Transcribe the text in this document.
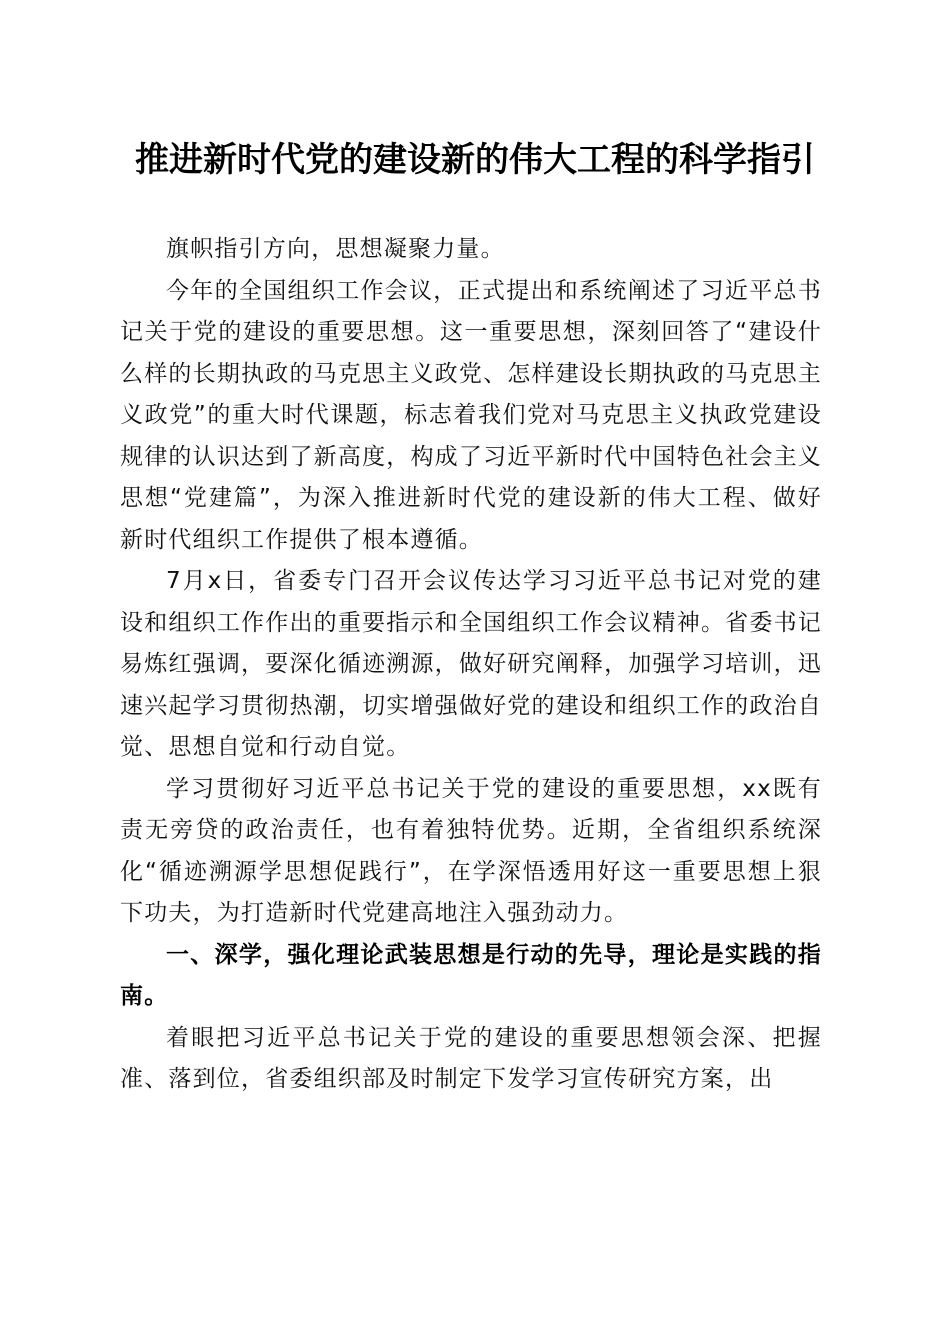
推进新时代党的建设新的伟大工程的科学指引

旗帜指引方向，思想凝聚力量。

今年的全国组织工作会议，正式提出和系统阐述了习近平总书记关于党的建设的重要思想。这一重要思想，深刻回答了“建设什么样的长期执政的马克思主义政党、怎样建设长期执政的马克思主义政党”的重大时代课题，标志着我们党对马克思主义执政党建设规律的认识达到了新高度，构成了习近平新时代中国特色社会主义思想“党建篇”，为深入推进新时代党的建设新的伟大工程、做好新时代组织工作提供了根本遵循。

7月x日，省委专门召开会议传达学习习近平总书记对党的建设和组织工作作出的重要指示和全国组织工作会议精神。省委书记易炼红强调，要深化循迹溯源，做好研究阐释，加强学习培训，迅速兴起学习贯彻热潮，切实增强做好党的建设和组织工作的政治自觉、思想自觉和行动自觉。

学习贯彻好习近平总书记关于党的建设的重要思想，xx既有责无旁贷的政治责任，也有着独特优势。近期，全省组织系统深化“循迹溯源学思想促践行”，在学深悟透用好这一重要思想上狠下功夫，为打造新时代党建高地注入强劲动力。

一、深学，强化理论武装思想是行动的先导，理论是实践的指南。

着眼把习近平总书记关于党的建设的重要思想领会深、把握准、落到位，省委组织部及时制定下发学习宣传研究方案，出
